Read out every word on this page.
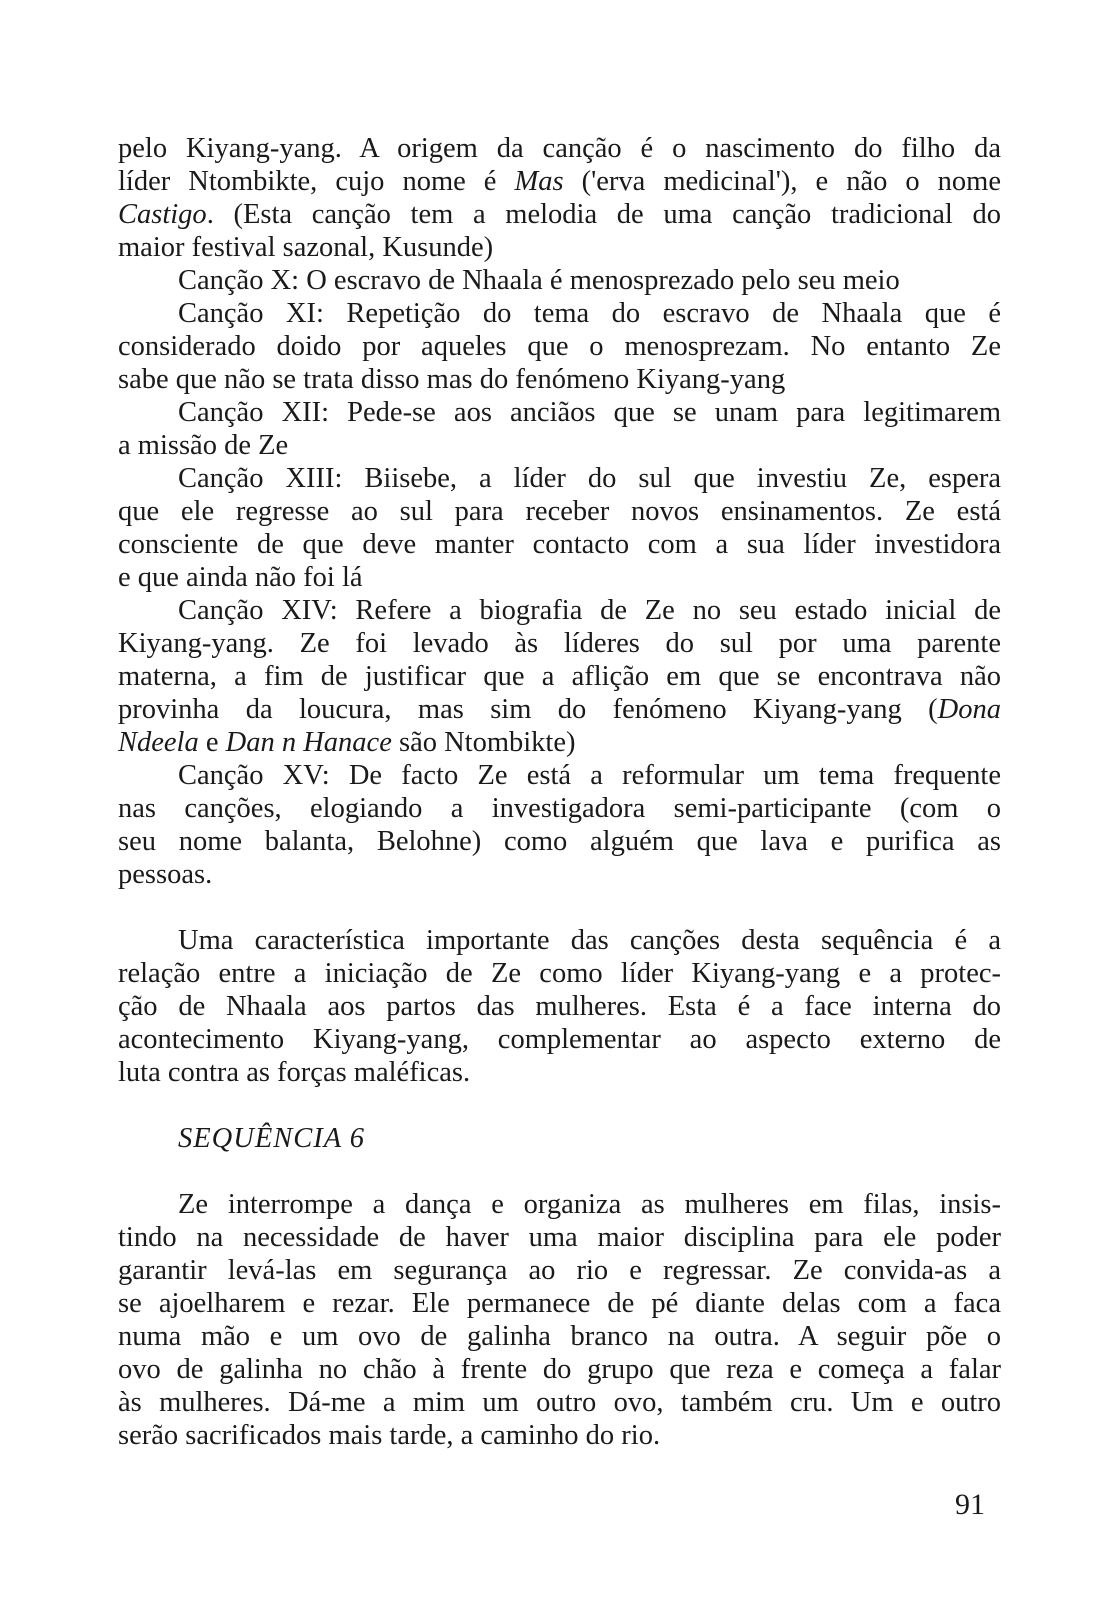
pelo Kiyang-yang. A origem da canção é o nascimento do filho da
líder Ntombikte, cujo nome é Mas ('erva medicinal'), e não o nome
Castigo. (Esta canção tem a melodia de uma canção tradicional do
maior festival sazonal, Kusunde)
Canção X: O escravo de Nhaala é menosprezado pelo seu meio
Canção XI: Repetição do tema do escravo de Nhaala que é
considerado doido por aqueles que o menosprezam. No entanto Ze
sabe que não se trata disso mas do fenómeno Kiyang-yang
Canção XII: Pede-se aos anciãos que se unam para legitimarem
a missão de Ze
Canção XIII: Biisebe, a líder do sul que investiu Ze, espera
que ele regresse ao sul para receber novos ensinamentos. Ze está
consciente de que deve manter contacto com a sua líder investidora
e que ainda não foi lá
Canção XIV: Refere a biografia de Ze no seu estado inicial de
Kiyang-yang. Ze foi levado às líderes do sul por uma parente
materna, a fim de justificar que a aflição em que se encontrava não
provinha da loucura, mas sim do fenómeno Kiyang-yang (Dona
Ndeela e Dan n Hanace são Ntombikte)
Canção XV: De facto Ze está a reformular um tema frequente
nas canções, elogiando a investigadora semi-participante (com o
seu nome balanta, Belohne) como alguém que lava e purifica as
pessoas.
Uma característica importante das canções desta sequência é a
relação entre a iniciação de Ze como líder Kiyang-yang e a protec-
ção de Nhaala aos partos das mulheres. Esta é a face interna do
acontecimento Kiyang-yang, complementar ao aspecto externo de
luta contra as forças maléficas.
SEQUÊNCIA 6
Ze interrompe a dança e organiza as mulheres em filas, insis-
tindo na necessidade de haver uma maior disciplina para ele poder
garantir levá-las em segurança ao rio e regressar. Ze convida-as a
se ajoelharem e rezar. Ele permanece de pé diante delas com a faca
numa mão e um ovo de galinha branco na outra. A seguir põe o
ovo de galinha no chão à frente do grupo que reza e começa a falar
às mulheres. Dá-me a mim um outro ovo, também cru. Um e outro
serão sacrificados mais tarde, a caminho do rio.
91
